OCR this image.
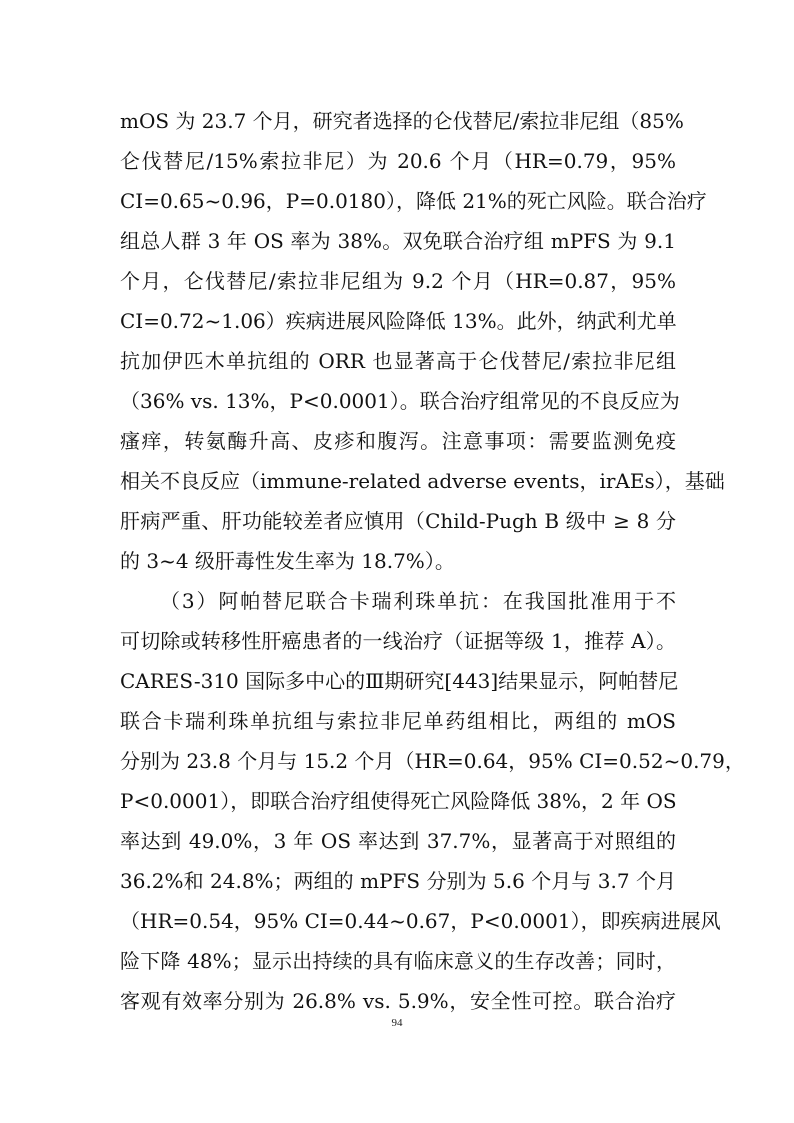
mOS 为 23.7 个月，研究者选择的仑伐替尼/索拉非尼组（85%
仑伐替尼/15%索拉非尼）为 20.6 个月（HR=0.79，95%
CI=0.65~0.96，P=0.0180），降低 21%的死亡风险。联合治疗
组总人群 3 年 OS 率为 38%。双免联合治疗组 mPFS 为 9.1
个月，仑伐替尼/索拉非尼组为 9.2 个月（HR=0.87，95%
CI=0.72~1.06）疾病进展风险降低 13%。此外，纳武利尤单
抗加伊匹木单抗组的 ORR 也显著高于仑伐替尼/索拉非尼组
（36% vs. 13%，P<0.0001）。联合治疗组常见的不良反应为
瘙痒，转氨酶升高、皮疹和腹泻。注意事项：需要监测免疫
相关不良反应（immune-related adverse events，irAEs），基础
肝病严重、肝功能较差者应慎用（Child-Pugh B 级中 ≥ 8 分
的 3~4 级肝毒性发生率为 18.7%）。
（3）阿帕替尼联合卡瑞利珠单抗：在我国批准用于不
可切除或转移性肝癌患者的一线治疗（证据等级 1，推荐 A）。
CARES-310 国际多中心的Ⅲ期研究[443]结果显示，阿帕替尼
联合卡瑞利珠单抗组与索拉非尼单药组相比，两组的 mOS
分别为 23.8 个月与 15.2 个月（HR=0.64，95% CI=0.52~0.79，
P<0.0001），即联合治疗组使得死亡风险降低 38%，2 年 OS
率达到 49.0%，3 年 OS 率达到 37.7%，显著高于对照组的
36.2%和 24.8%；两组的 mPFS 分别为 5.6 个月与 3.7 个月
（HR=0.54，95% CI=0.44~0.67，P<0.0001），即疾病进展风
险下降 48%；显示出持续的具有临床意义的生存改善；同时，
客观有效率分别为 26.8% vs. 5.9%，安全性可控。联合治疗
94
